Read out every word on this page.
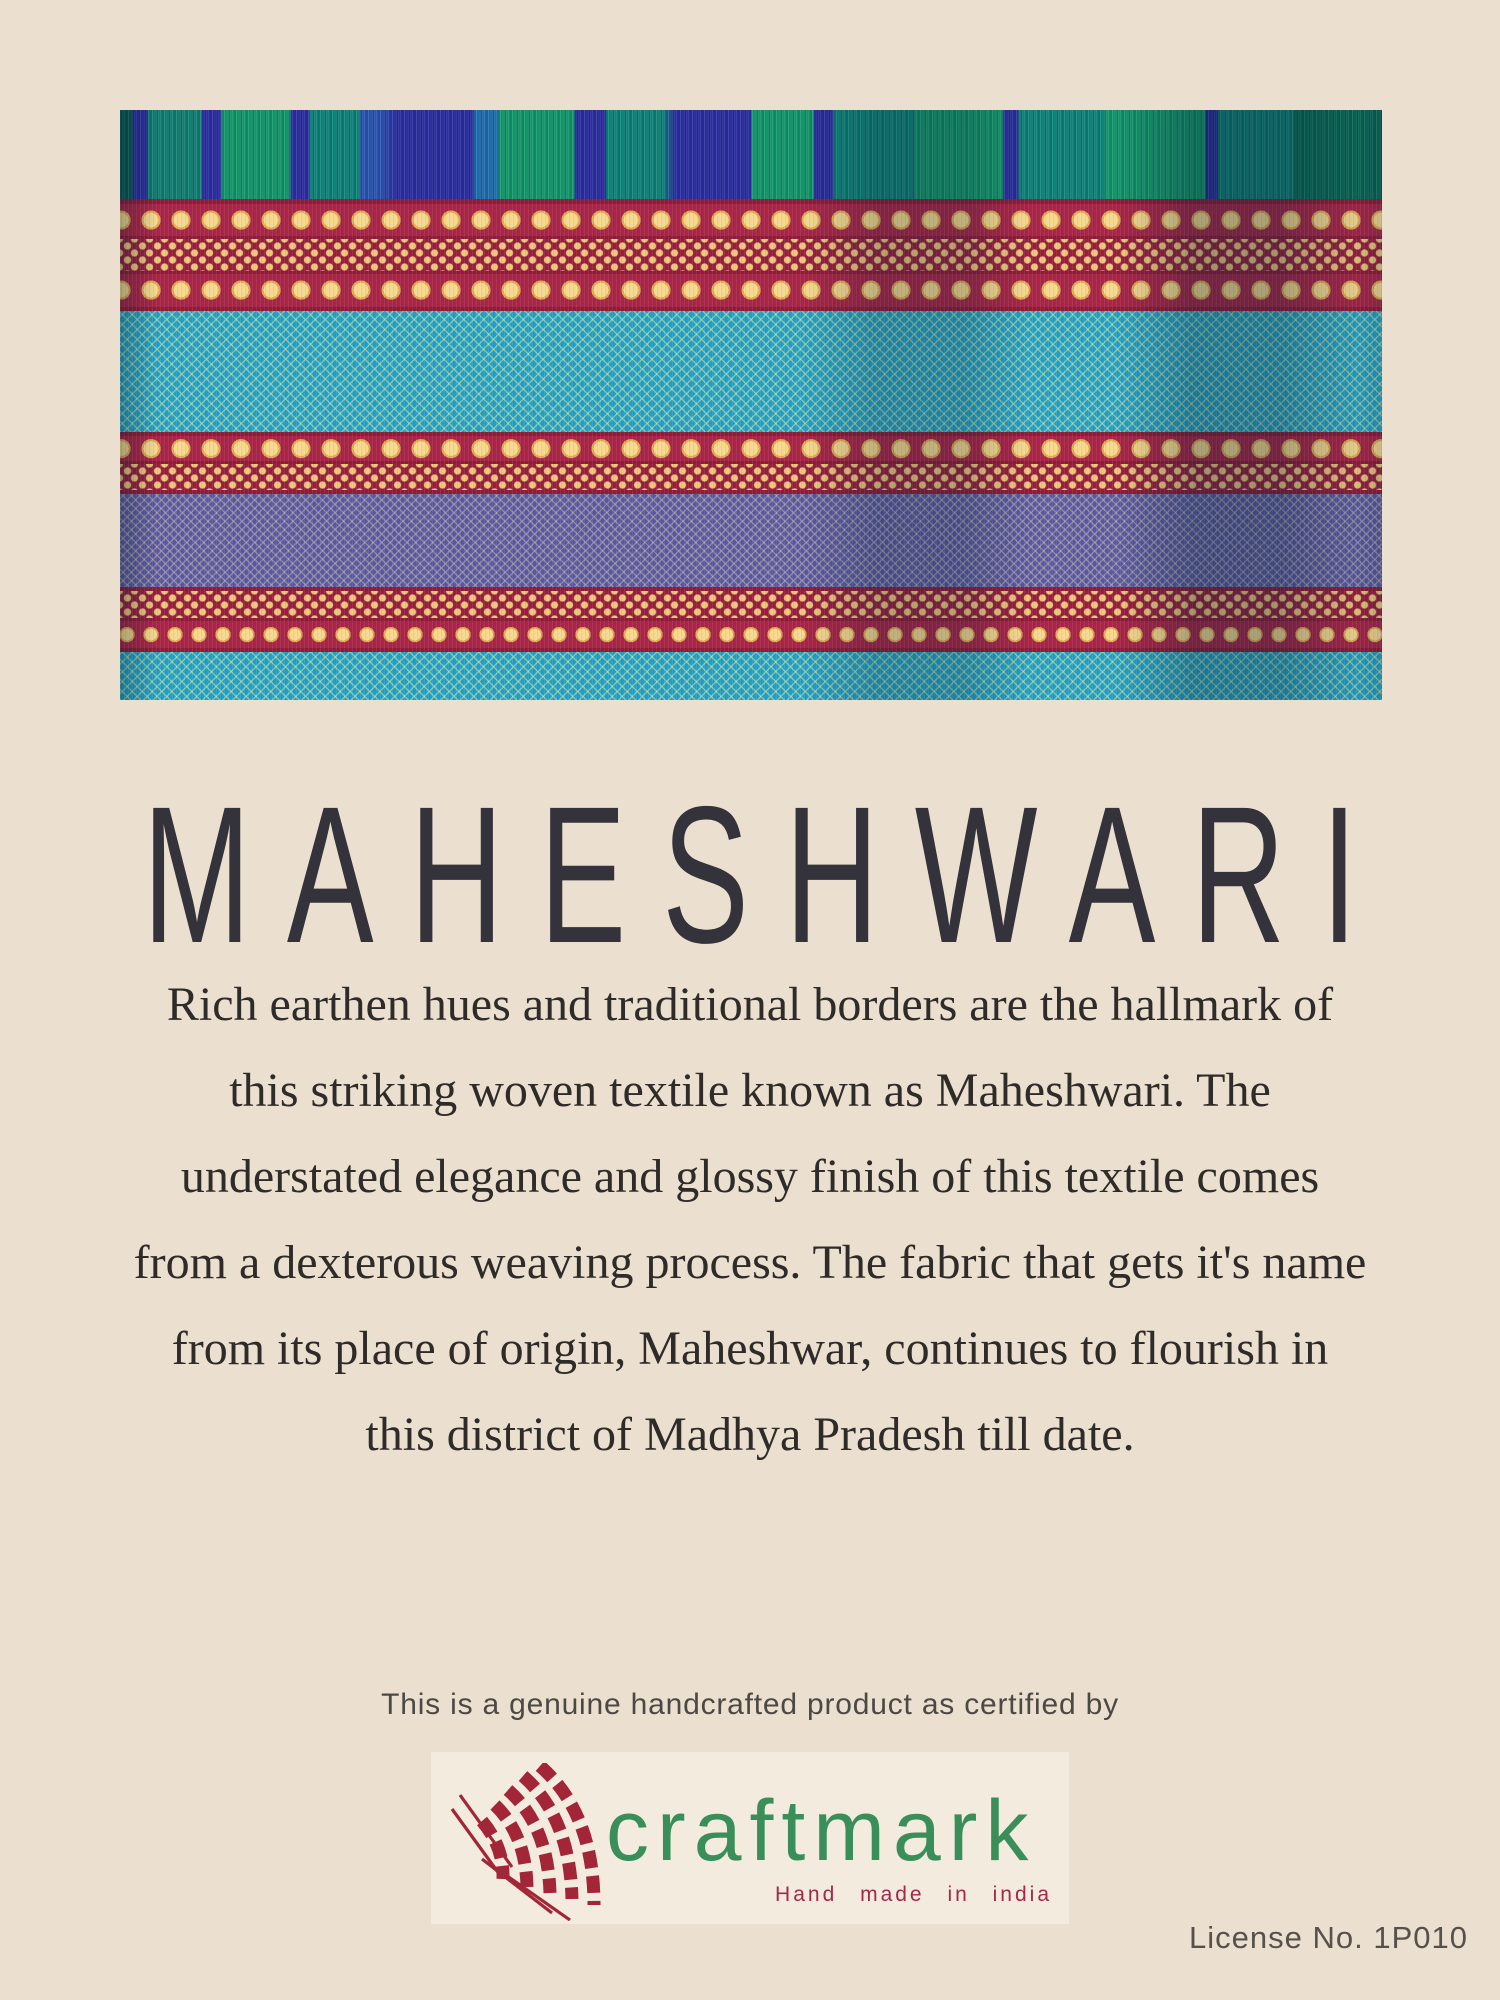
MAHESHWARI
Rich earthen hues and traditional borders are the hallmark of
this striking woven textile known as Maheshwari. The
understated elegance and glossy finish of this textile comes
from a dexterous weaving process. The fabric that gets it's name
from its place of origin, Maheshwar, continues to flourish in
this district of Madhya Pradesh till date.
This is a genuine handcrafted product as certified by
craftmark
Hand made in india
License No. 1P010
